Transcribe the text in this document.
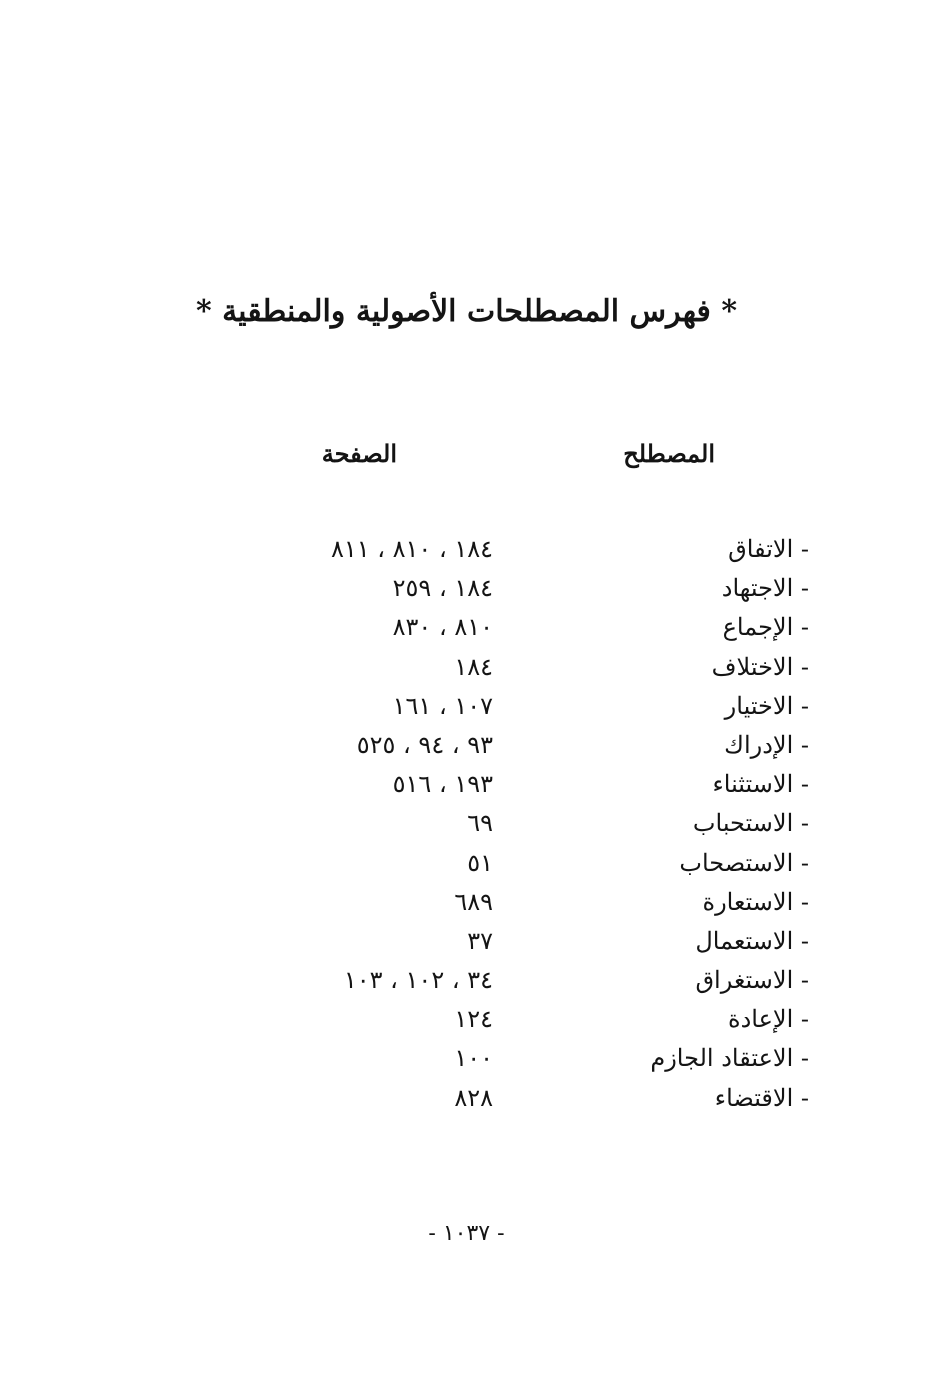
* فهرس المصطلحات الأصولية والمنطقية *
المصطلح
الصفحة
- الاتفاق
١٨٤ ، ٨١٠ ، ٨١١
- الاجتهاد
١٨٤ ، ٢٥٩
- الإجماع
٨١٠ ، ٨٣٠
- الاختلاف
١٨٤
- الاختيار
١٠٧ ، ١٦١
- الإدراك
٩٣ ، ٩٤ ، ٥٢٥
- الاستثناء
١٩٣ ، ٥١٦
- الاستحباب
٦٩
- الاستصحاب
٥١
- الاستعارة
٦٨٩
- الاستعمال
٣٧
- الاستغراق
٣٤ ، ١٠٢ ، ١٠٣
- الإعادة
١٢٤
- الاعتقاد الجازم
١٠٠
- الاقتضاء
٨٢٨
- ١٠٣٧ -
